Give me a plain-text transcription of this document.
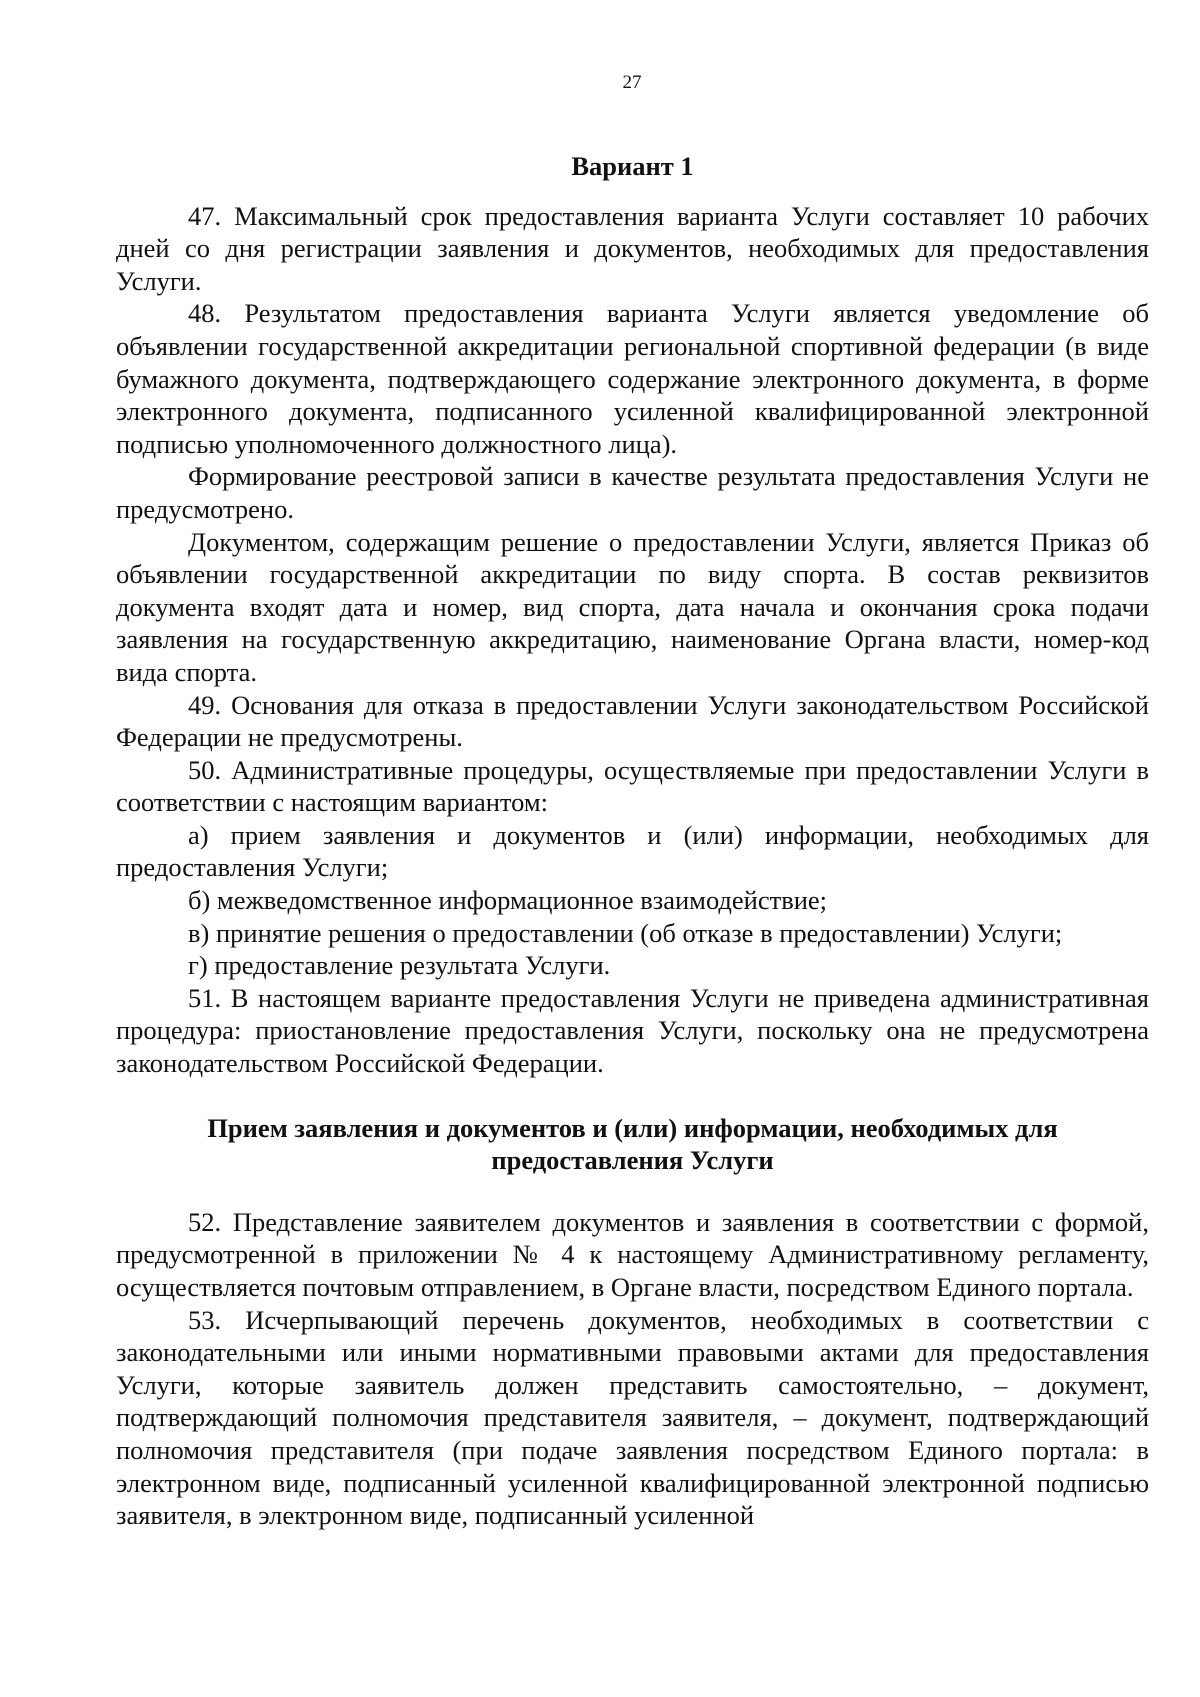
27
Вариант 1

47. Максимальный срок предоставления варианта Услуги составляет 10 рабочих дней со дня регистрации заявления и документов, необходимых для предоставления Услуги.

48. Результатом предоставления варианта Услуги является уведомление об объявлении государственной аккредитации региональной спортивной федерации (в виде бумажного документа, подтверждающего содержание электронного документа, в форме электронного документа, подписанного усиленной квалифицированной электронной подписью уполномоченного должностного лица).

Формирование реестровой записи в качестве результата предоставления Услуги не предусмотрено.

Документом, содержащим решение о предоставлении Услуги, является Приказ об объявлении государственной аккредитации по виду спорта. В состав реквизитов документа входят дата и номер, вид спорта, дата начала и окончания срока подачи заявления на государственную аккредитацию, наименование Органа власти, номер-код вида спорта.

49. Основания для отказа в предоставлении Услуги законодательством Российской Федерации не предусмотрены.

50. Административные процедуры, осуществляемые при предоставлении Услуги в соответствии с настоящим вариантом:

а) прием заявления и документов и (или) информации, необходимых для предоставления Услуги;

б) межведомственное информационное взаимодействие;

в) принятие решения о предоставлении (об отказе в предоставлении) Услуги;

г) предоставление результата Услуги.

51. В настоящем варианте предоставления Услуги не приведена административная процедура: приостановление предоставления Услуги, поскольку она не предусмотрена законодательством Российской Федерации.

Прием заявления и документов и (или) информации, необходимых для предоставления Услуги

52. Представление заявителем документов и заявления в соответствии с формой, предусмотренной в приложении № 4 к настоящему Административному регламенту, осуществляется почтовым отправлением, в Органе власти, посредством Единого портала.

53. Исчерпывающий перечень документов, необходимых в соответствии с законодательными или иными нормативными правовыми актами для предоставления Услуги, которые заявитель должен представить самостоятельно, – документ, подтверждающий полномочия представителя заявителя, – документ, подтверждающий полномочия представителя (при подаче заявления посредством Единого портала: в электронном виде, подписанный усиленной квалифицированной электронной подписью заявителя, в электронном виде, подписанный усиленной
